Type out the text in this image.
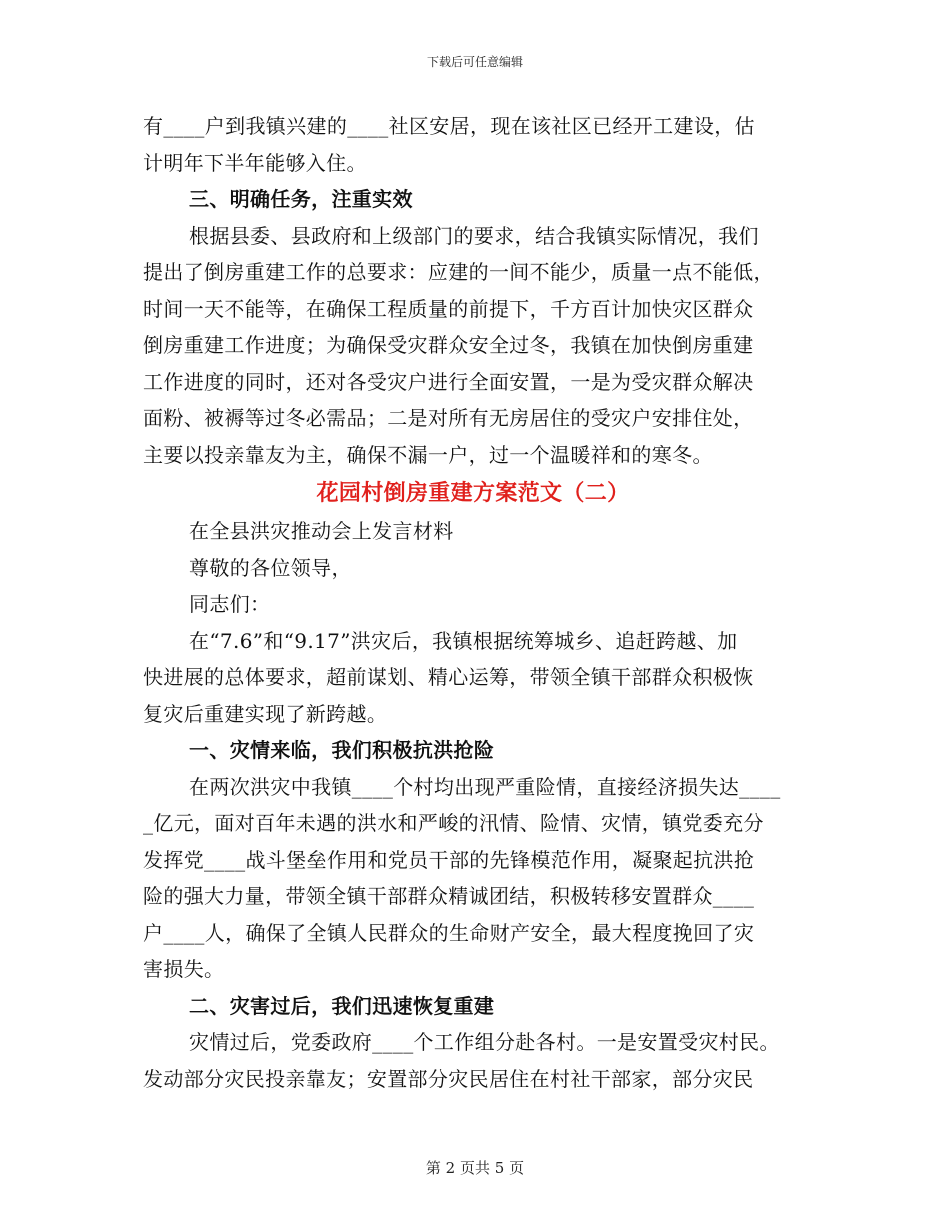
下载后可任意编辑
有____户到我镇兴建的____社区安居，现在该社区已经开工建设，估
计明年下半年能够入住。
三、明确任务，注重实效
根据县委、县政府和上级部门的要求，结合我镇实际情况，我们
提出了倒房重建工作的总要求：应建的一间不能少，质量一点不能低，
时间一天不能等，在确保工程质量的前提下，千方百计加快灾区群众
倒房重建工作进度；为确保受灾群众安全过冬，我镇在加快倒房重建
工作进度的同时，还对各受灾户进行全面安置，一是为受灾群众解决
面粉、被褥等过冬必需品；二是对所有无房居住的受灾户安排住处，
主要以投亲靠友为主，确保不漏一户，过一个温暖祥和的寒冬。
花园村倒房重建方案范文（二）
在全县洪灾推动会上发言材料
尊敬的各位领导，
同志们：
在“7.6”和“9.17”洪灾后，我镇根据统筹城乡、追赶跨越、加
快进展的总体要求，超前谋划、精心运筹，带领全镇干部群众积极恢
复灾后重建实现了新跨越。
一、灾情来临，我们积极抗洪抢险
在两次洪灾中我镇____个村均出现严重险情，直接经济损失达____
_亿元，面对百年未遇的洪水和严峻的汛情、险情、灾情，镇党委充分
发挥党____战斗堡垒作用和党员干部的先锋模范作用，凝聚起抗洪抢
险的强大力量，带领全镇干部群众精诚团结，积极转移安置群众____
户____人，确保了全镇人民群众的生命财产安全，最大程度挽回了灾
害损失。
二、灾害过后，我们迅速恢复重建
灾情过后，党委政府____个工作组分赴各村。一是安置受灾村民。
发动部分灾民投亲靠友；安置部分灾民居住在村社干部家，部分灾民
第 2 页共 5 页
